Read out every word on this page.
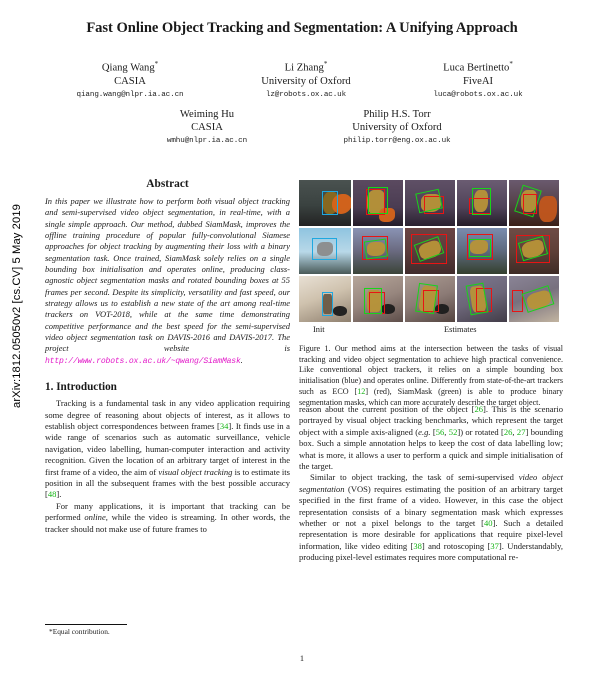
arXiv:1812.05050v2 [cs.CV] 5 May 2019
Fast Online Object Tracking and Segmentation: A Unifying Approach
Qiang Wang*
CASIA
qiang.wang@nlpr.ia.ac.cn
Li Zhang*
University of Oxford
lz@robots.ox.ac.uk
Luca Bertinetto*
FiveAI
luca@robots.ox.ac.uk
Weiming Hu
CASIA
wmhu@nlpr.ia.ac.cn
Philip H.S. Torr
University of Oxford
philip.torr@eng.ox.ac.uk
Abstract

In this paper we illustrate how to perform both visual object tracking and semi-supervised video object segmentation, in real-time, with a single simple approach. Our method, dubbed SiamMask, improves the offline training procedure of popular fully-convolutional Siamese approaches for object tracking by augmenting their loss with a binary segmentation task. Once trained, SiamMask solely relies on a single bounding box initialisation and operates online, producing class-agnostic object segmentation masks and rotated bounding boxes at 55 frames per second. Despite its simplicity, versatility and fast speed, our strategy allows us to establish a new state of the art among real-time trackers on VOT-2018, while at the same time demonstrating competitive performance and the best speed for the semi-supervised video object segmentation task on DAVIS-2016 and DAVIS-2017. The project website is http://www.robots.ox.ac.uk/~qwang/SiamMask.

1. Introduction

Tracking is a fundamental task in any video application requiring some degree of reasoning about objects of interest, as it allows to establish object correspondences between frames [34]. It finds use in a wide range of scenarios such as automatic surveillance, vehicle navigation, video labelling, human-computer interaction and activity recognition. Given the location of an arbitrary target of interest in the first frame of a video, the aim of visual object tracking is to estimate its position in all the subsequent frames with the best possible accuracy [48].

For many applications, it is important that tracking can be performed online, while the video is streaming. In other words, the tracker should not make use of future frames to

Init	Estimates

Figure 1. Our method aims at the intersection between the tasks of visual tracking and video object segmentation to achieve high practical convenience. Like conventional object trackers, it relies on a simple bounding box initialisation (blue) and operates online. Differently from state-of-the-art trackers such as ECO [12] (red), SiamMask (green) is able to produce binary segmentation masks, which can more accurately describe the target object.

reason about the current position of the object [26]. This is the scenario portrayed by visual object tracking benchmarks, which represent the target object with a simple axis-aligned (e.g. [56, 52]) or rotated [26, 27] bounding box. Such a simple annotation helps to keep the cost of data labelling low; what is more, it allows a user to perform a quick and simple initialisation of the target.

Similar to object tracking, the task of semi-supervised video object segmentation (VOS) requires estimating the position of an arbitrary target specified in the first frame of a video. However, in this case the object representation consists of a binary segmentation mask which expresses whether or not a pixel belongs to the target [40]. Such a detailed representation is more desirable for applications that require pixel-level information, like video editing [38] and rotoscoping [37]. Understandably, producing pixel-level estimates requires more computational re-

*Equal contribution.
1
